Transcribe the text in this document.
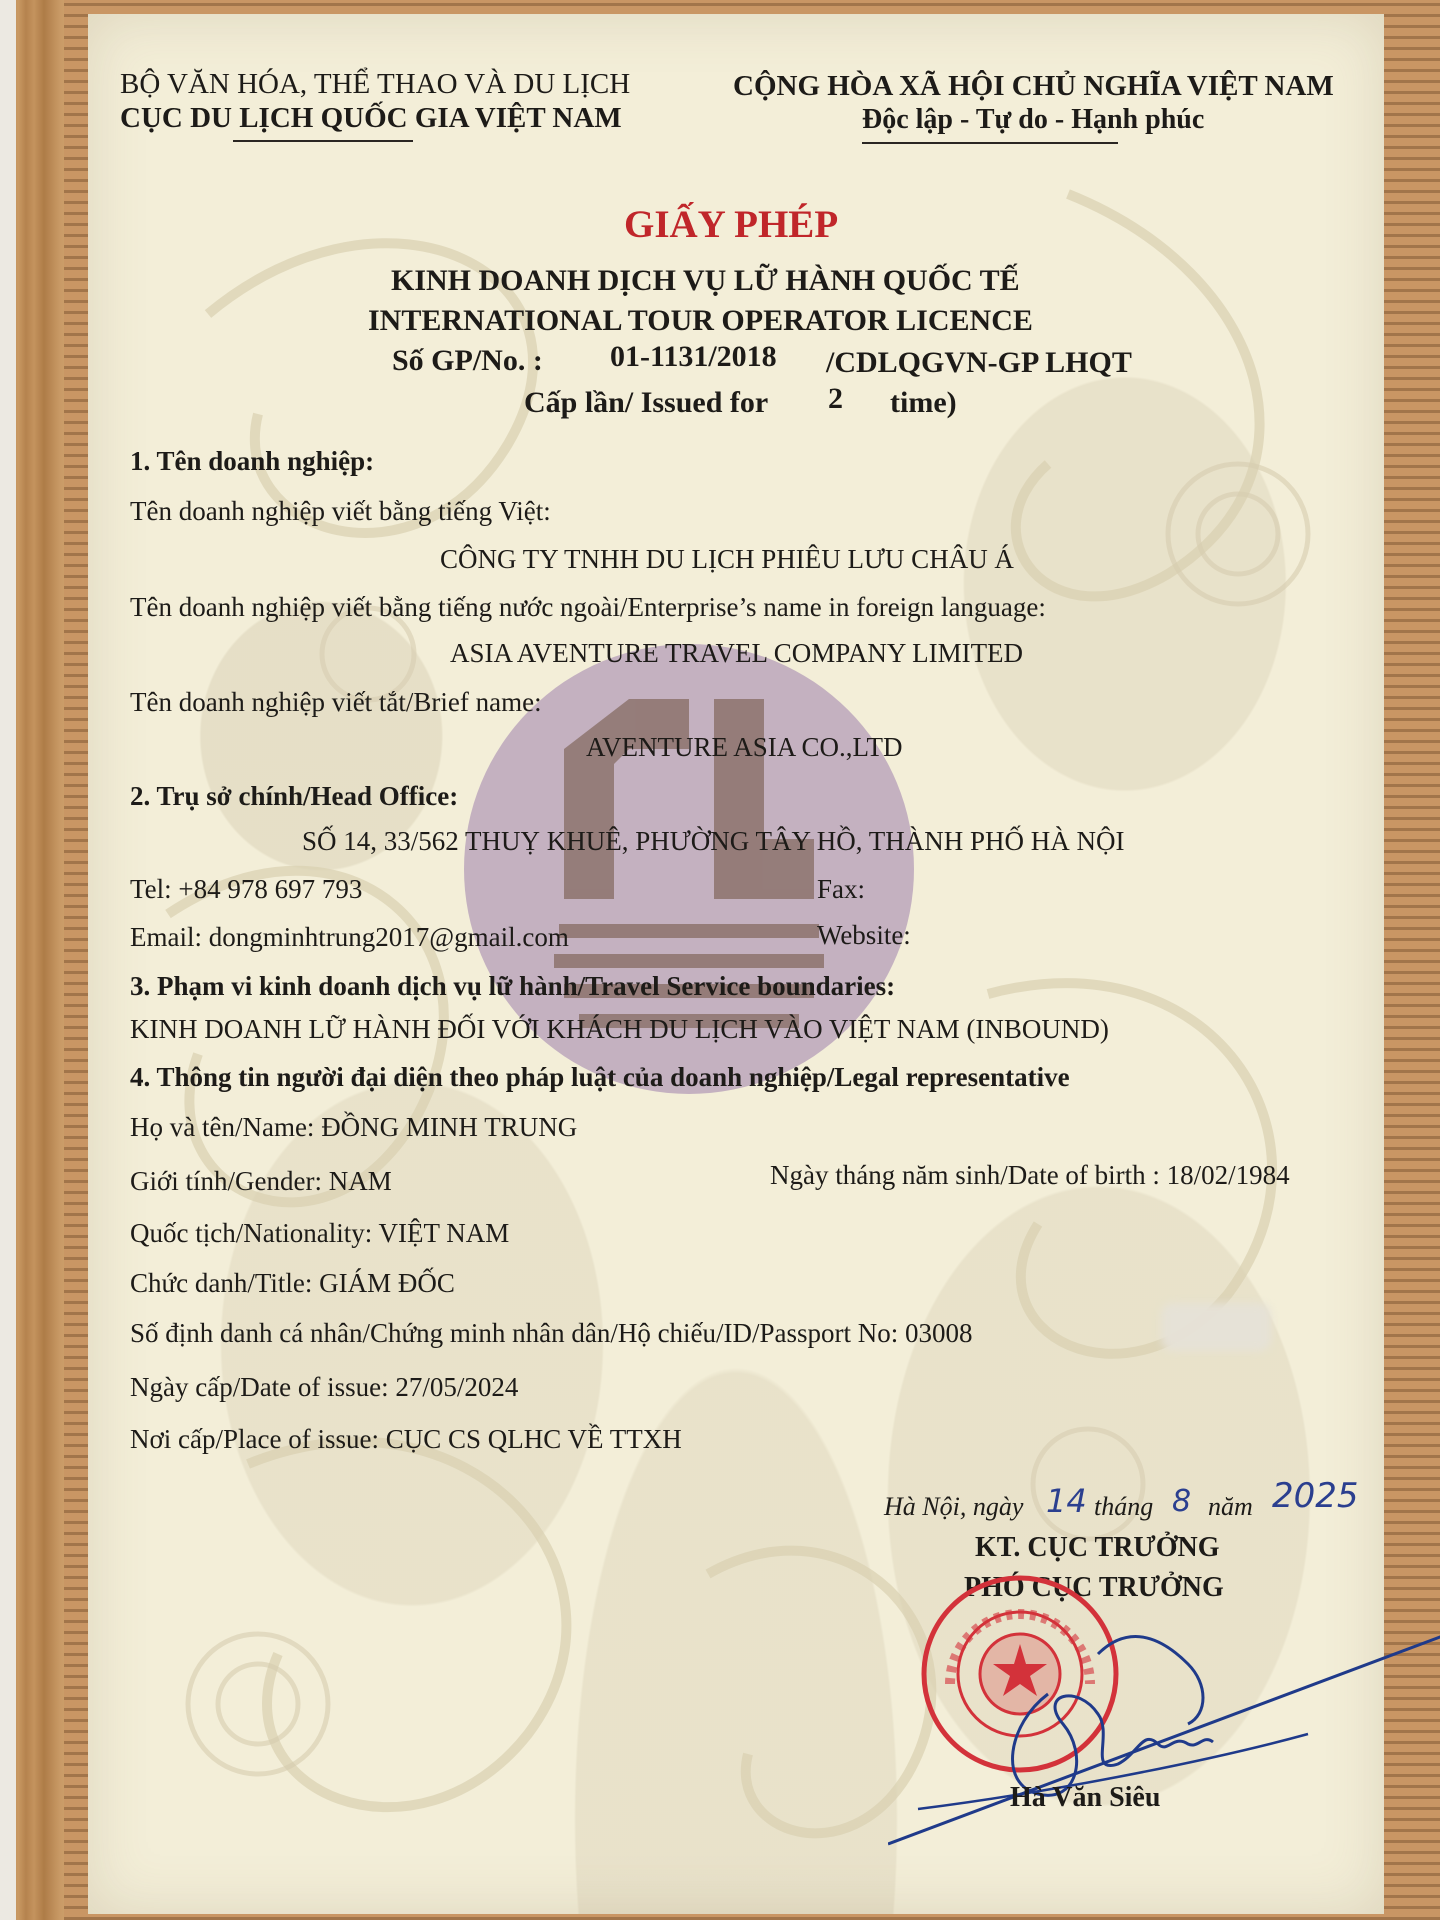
BỘ VĂN HÓA, THỂ THAO VÀ DU LỊCH
CỤC DU LỊCH QUỐC GIA VIỆT NAM
CỘNG HÒA XÃ HỘI CHỦ NGHĨA VIỆT NAM
Độc lập - Tự do - Hạnh phúc
GIẤY PHÉP
KINH DOANH DỊCH VỤ LỮ HÀNH QUỐC TẾ
INTERNATIONAL TOUR OPERATOR LICENCE
Số GP/No. : 01-1131/2018 /CDLQGVN-GP LHQT
Cấp lần/ Issued for 2 time)
1. Tên doanh nghiệp:
Tên doanh nghiệp viết bằng tiếng Việt:
CÔNG TY TNHH DU LỊCH PHIÊU LƯU CHÂU Á
Tên doanh nghiệp viết bằng tiếng nước ngoài/Enterprise’s name in foreign language:
ASIA AVENTURE TRAVEL COMPANY LIMITED
Tên doanh nghiệp viết tắt/Brief name:
AVENTURE ASIA CO.,LTD
2. Trụ sở chính/Head Office:
SỐ 14, 33/562 THUỴ KHUÊ, PHƯỜNG TÂY HỒ, THÀNH PHỐ HÀ NỘI
Tel: +84 978 697 793	Fax:
Email: dongminhtrung2017@gmail.com	Website:
3. Phạm vi kinh doanh dịch vụ lữ hành/Travel Service boundaries:
KINH DOANH LỮ HÀNH ĐỐI VỚI KHÁCH DU LỊCH VÀO VIỆT NAM (INBOUND)
4. Thông tin người đại diện theo pháp luật của doanh nghiệp/Legal representative
Họ và tên/Name: ĐỒNG MINH TRUNG
Giới tính/Gender: NAM	Ngày tháng năm sinh/Date of birth : 18/02/1984
Quốc tịch/Nationality: VIỆT NAM
Chức danh/Title: GIÁM ĐỐC
Số định danh cá nhân/Chứng minh nhân dân/Hộ chiếu/ID/Passport No: 03008
Ngày cấp/Date of issue: 27/05/2024
Nơi cấp/Place of issue: CỤC CS QLHC VỀ TTXH
Hà Nội, ngày 14 tháng 8 năm 2025
KT. CỤC TRƯỞNG
PHÓ CỤC TRƯỞNG
Hà Văn Siêu
